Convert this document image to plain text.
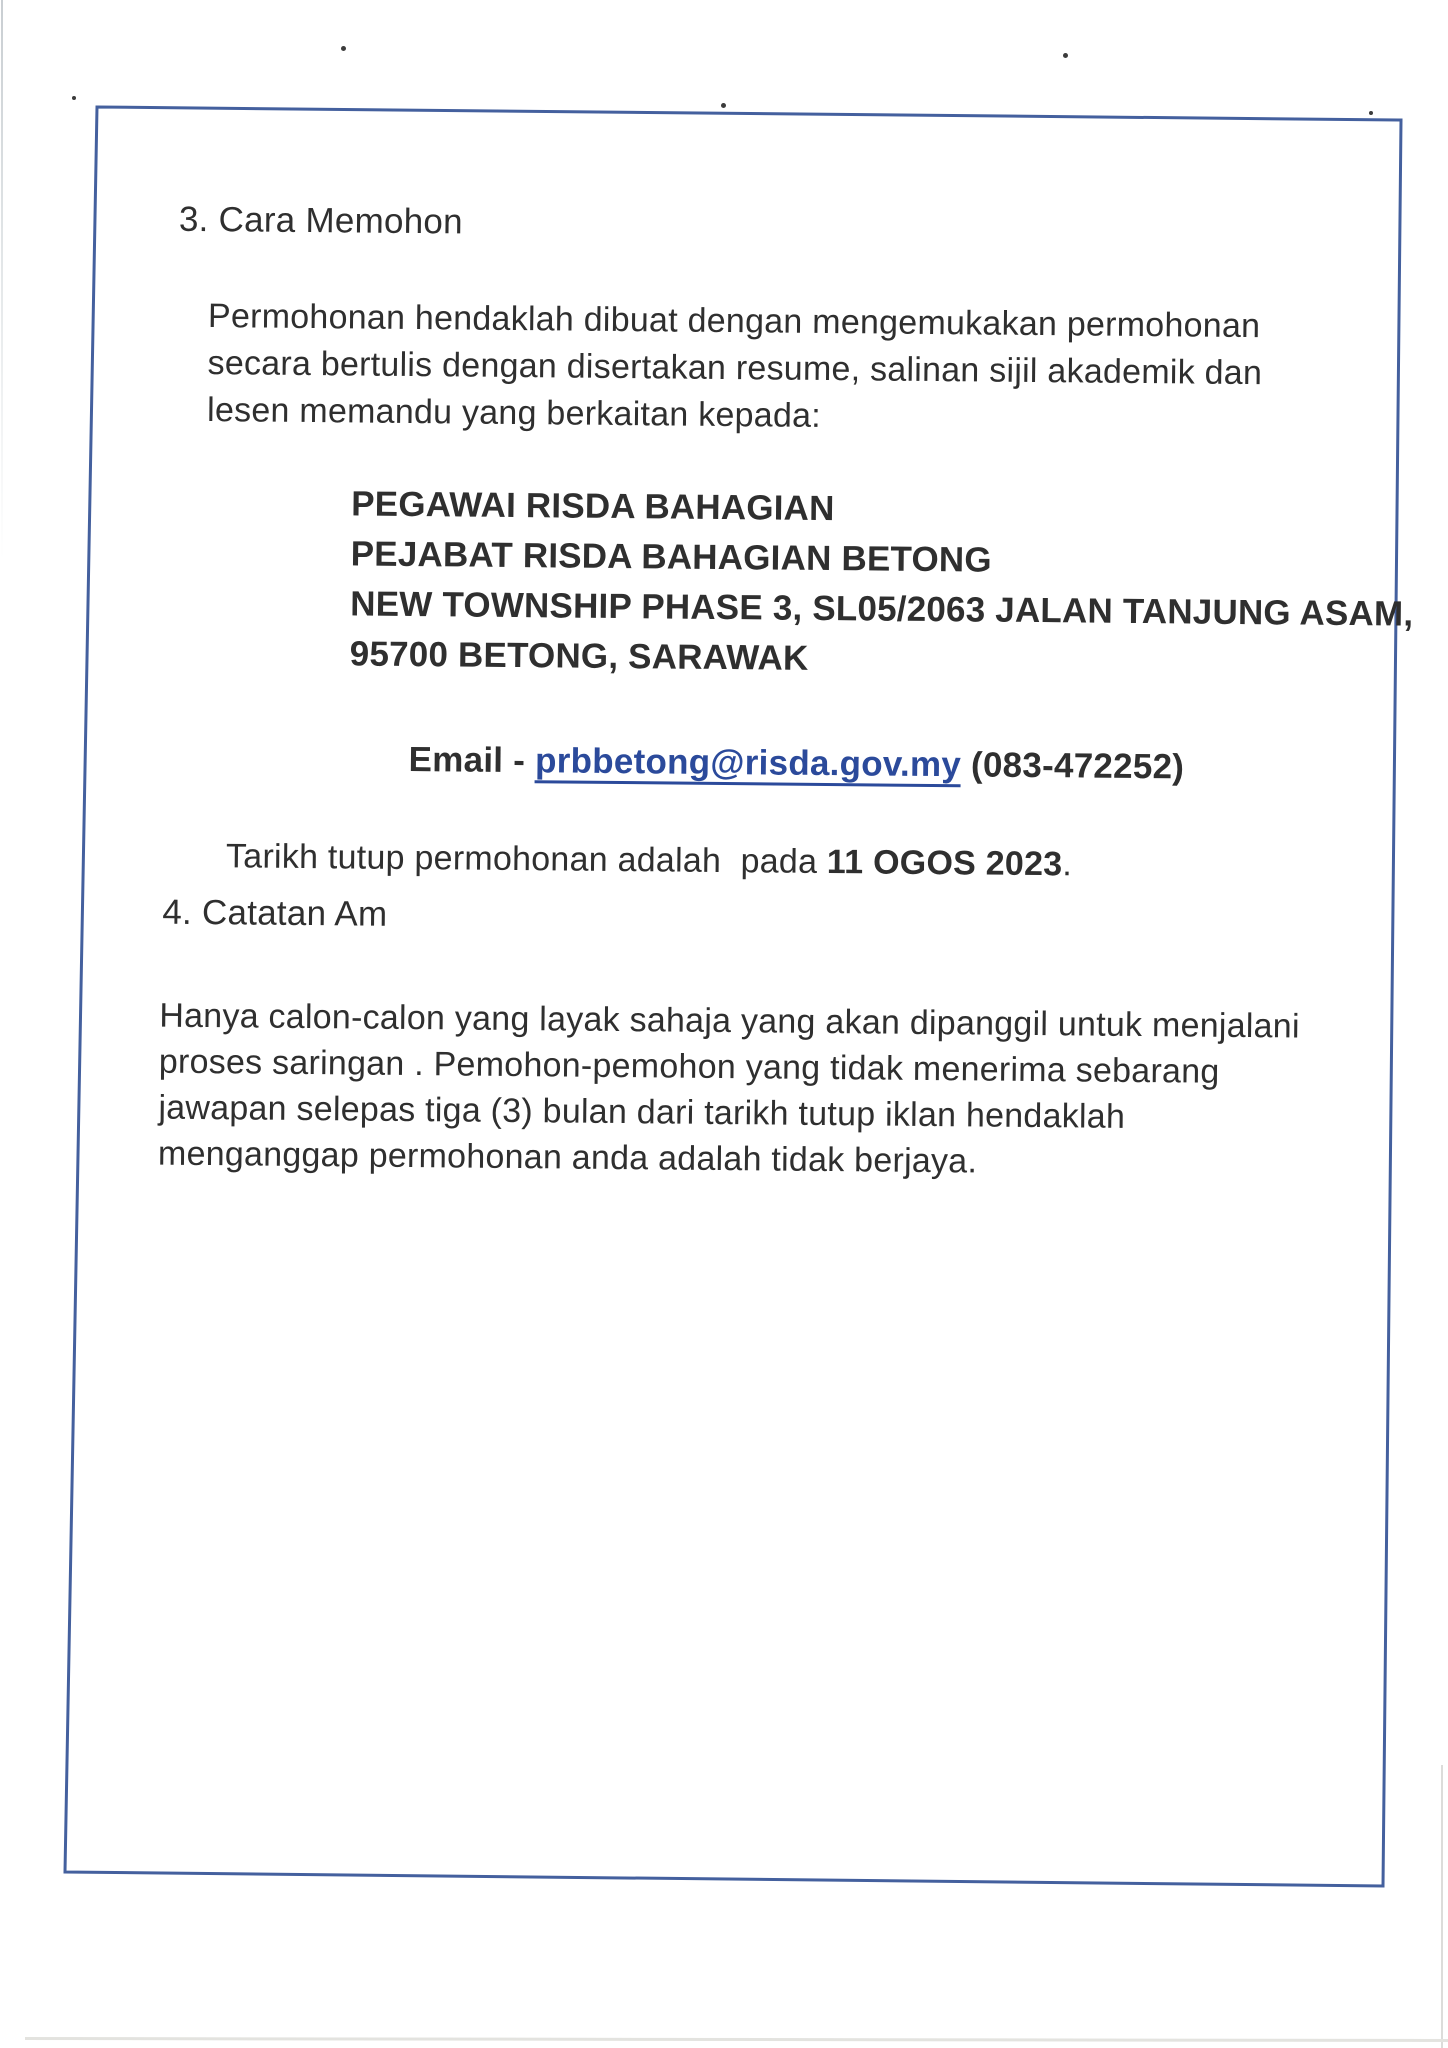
3. Cara Memohon
Permohonan hendaklah dibuat dengan mengemukakan permohonan
secara bertulis dengan disertakan resume, salinan sijil akademik dan
lesen memandu yang berkaitan kepada:
PEGAWAI RISDA BAHAGIAN
PEJABAT RISDA BAHAGIAN BETONG
NEW TOWNSHIP PHASE 3, SL05/2063 JALAN TANJUNG ASAM,
95700 BETONG, SARAWAK

Email - prbbetong@risda.gov.my (083-472252)

Tarikh tutup permohonan adalah  pada 11 OGOS 2023.

4. Catatan Am
Hanya calon-calon yang layak sahaja yang akan dipanggil untuk menjalani
proses saringan . Pemohon-pemohon yang tidak menerima sebarang
jawapan selepas tiga (3) bulan dari tarikh tutup iklan hendaklah
menganggap permohonan anda adalah tidak berjaya.
